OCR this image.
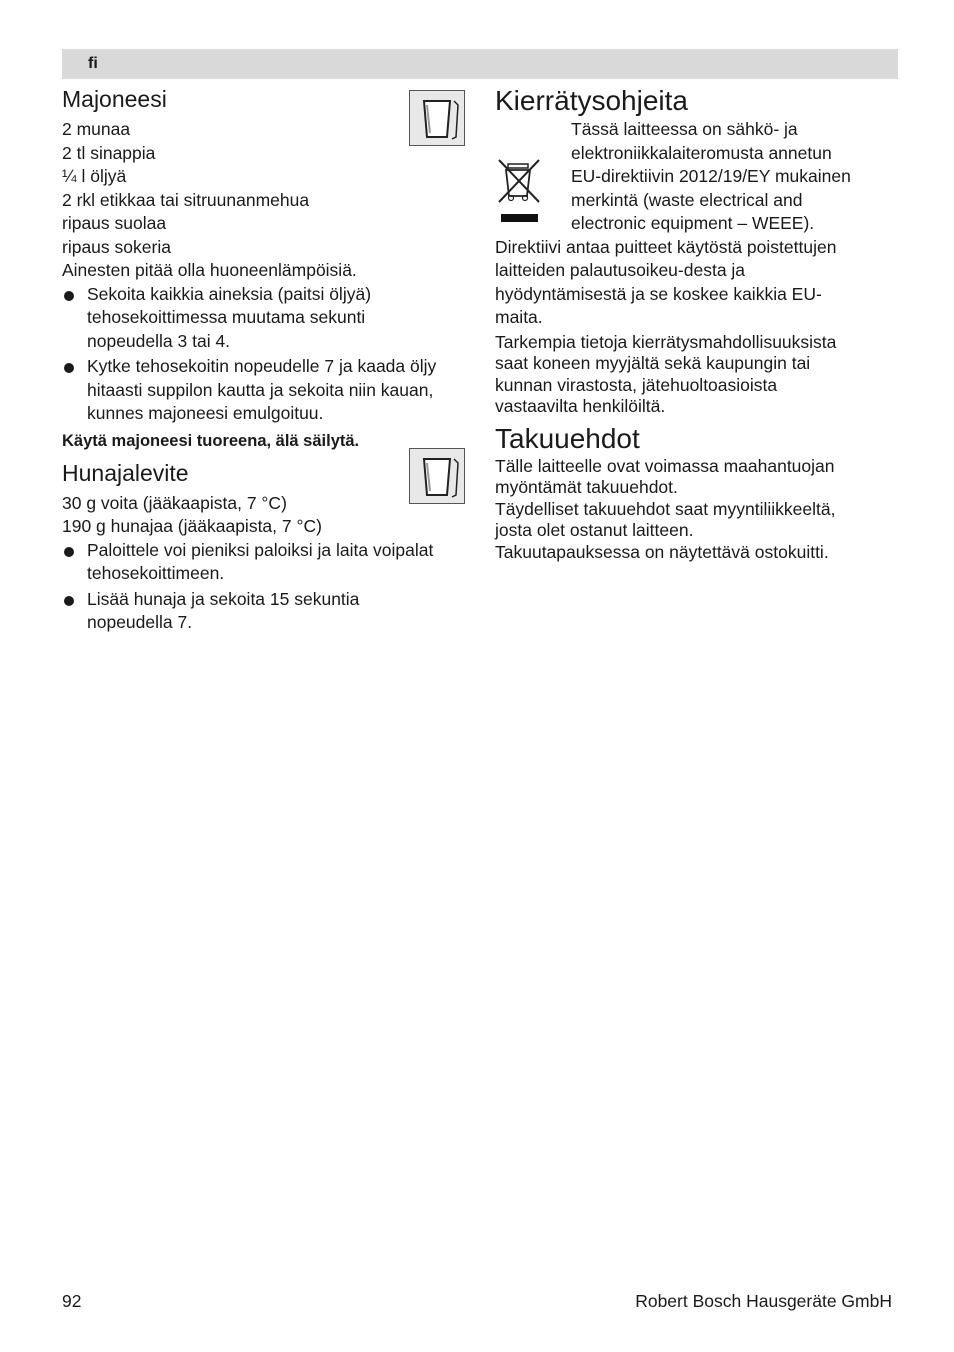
fi
Majoneesi
2 munaa
2 tl sinappia
¼ l öljyä
2 rkl etikkaa tai sitruunanmehua
ripaus suolaa
ripaus sokeria
Ainesten pitää olla huoneenlämpöisiä.
Sekoita kaikkia aineksia (paitsi öljyä)
tehosekoittimessa muutama sekunti
nopeudella 3 tai 4.
Kytke tehosekoitin nopeudelle 7 ja kaada öljy
hitaasti suppilon kautta ja sekoita niin kauan,
kunnes majoneesi emulgoituu.
Käytä majoneesi tuoreena, älä säilytä.
Hunajalevite
30 g voita (jääkaapista, 7 °C)
190 g hunajaa (jääkaapista, 7 °C)
Paloittele voi pieniksi paloiksi ja laita voipalat
tehosekoittimeen.
Lisää hunaja ja sekoita 15 sekuntia
nopeudella 7.
Kierrätysohjeita
Tässä laitteessa on sähkö- ja
elektroniikkalaiteromusta annetun
EU-direktiivin 2012/19/EY mukainen
merkintä (waste electrical and
electronic equipment – WEEE).
Direktiivi antaa puitteet käytöstä poistettujen
laitteiden palautusoikeu-desta ja
hyödyntämisestä ja se koskee kaikkia EU-
maita.
Tarkempia tietoja kierrätysmahdollisuuksista
saat koneen myyjältä sekä kaupungin tai
kunnan virastosta, jätehuoltoasioista
vastaavilta henkilöiltä.
Takuuehdot
Tälle laitteelle ovat voimassa maahantuojan
myöntämät takuuehdot.
Täydelliset takuuehdot saat myyntiliikkeeltä,
josta olet ostanut laitteen.
Takuutapauksessa on näytettävä ostokuitti.
92	Robert Bosch Hausgeräte GmbH
